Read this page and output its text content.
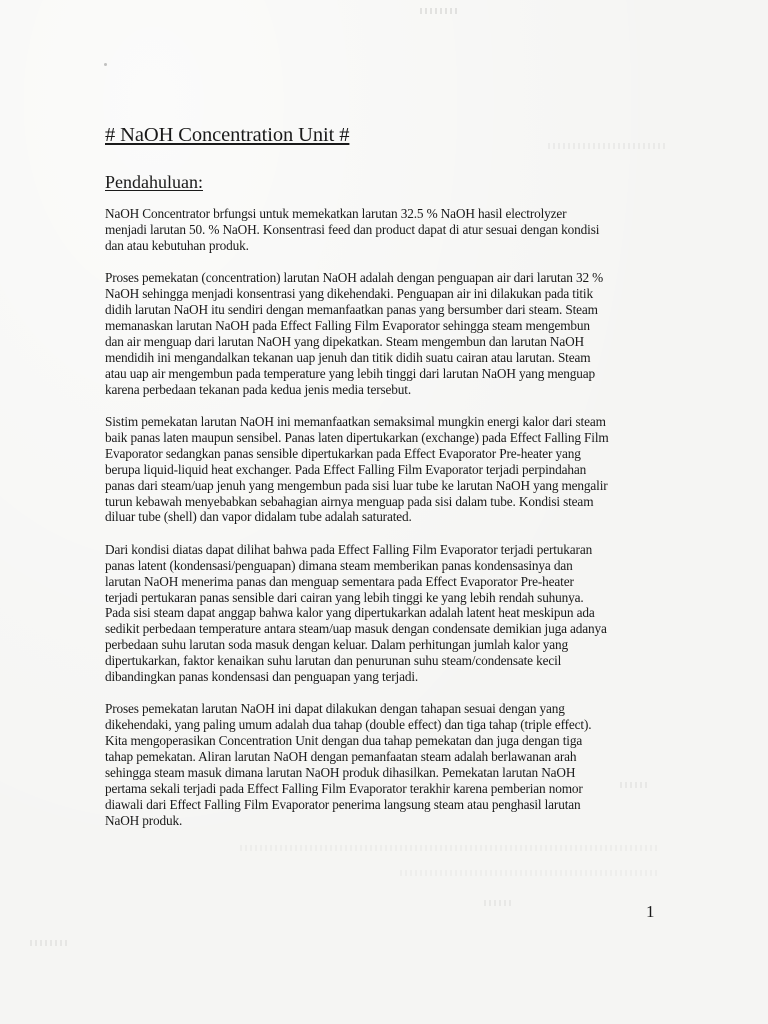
# NaOH Concentration Unit #
Pendahuluan:
NaOH Concentrator brfungsi untuk memekatkan larutan 32.5 % NaOH hasil electrolyzer
menjadi larutan 50. % NaOH. Konsentrasi feed dan product dapat di atur sesuai dengan kondisi
dan atau kebutuhan produk.
Proses pemekatan (concentration) larutan NaOH adalah dengan penguapan air dari larutan 32 %
NaOH sehingga menjadi konsentrasi yang dikehendaki. Penguapan air ini dilakukan pada titik
didih larutan NaOH itu sendiri dengan memanfaatkan panas yang bersumber dari steam. Steam
memanaskan larutan NaOH pada Effect Falling Film Evaporator sehingga steam mengembun
dan air menguap dari larutan NaOH yang dipekatkan. Steam mengembun dan larutan NaOH
mendidih ini mengandalkan tekanan uap jenuh dan titik didih suatu cairan atau larutan. Steam
atau uap air mengembun pada temperature yang lebih tinggi dari larutan NaOH yang menguap
karena perbedaan tekanan pada kedua jenis media tersebut.
Sistim pemekatan larutan NaOH ini memanfaatkan semaksimal mungkin energi kalor dari steam
baik panas laten maupun sensibel. Panas laten dipertukarkan (exchange) pada Effect Falling Film
Evaporator sedangkan panas sensible dipertukarkan pada Effect Evaporator Pre-heater yang
berupa liquid-liquid heat exchanger. Pada Effect Falling Film Evaporator terjadi perpindahan
panas dari steam/uap jenuh yang mengembun pada sisi luar tube ke larutan NaOH yang mengalir
turun kebawah menyebabkan sebahagian airnya menguap pada sisi dalam tube. Kondisi steam
diluar tube (shell) dan vapor didalam tube adalah saturated.
Dari kondisi diatas dapat dilihat bahwa pada Effect Falling Film Evaporator terjadi pertukaran
panas latent (kondensasi/penguapan) dimana steam memberikan panas kondensasinya dan
larutan NaOH menerima panas dan menguap sementara pada Effect Evaporator Pre-heater
terjadi pertukaran panas sensible dari cairan yang lebih tinggi ke yang lebih rendah suhunya.
Pada sisi steam dapat anggap bahwa kalor yang dipertukarkan adalah latent heat meskipun ada
sedikit perbedaan temperature antara steam/uap masuk dengan condensate demikian juga adanya
perbedaan suhu larutan soda masuk dengan keluar. Dalam perhitungan jumlah kalor yang
dipertukarkan, faktor kenaikan suhu larutan dan penurunan suhu steam/condensate kecil
dibandingkan panas kondensasi dan penguapan yang terjadi.
Proses pemekatan larutan NaOH ini dapat dilakukan dengan tahapan sesuai dengan yang
dikehendaki, yang paling umum adalah dua tahap (double effect) dan tiga tahap (triple effect).
Kita mengoperasikan Concentration Unit dengan dua tahap pemekatan dan juga dengan tiga
tahap pemekatan. Aliran larutan NaOH dengan pemanfaatan steam adalah berlawanan arah
sehingga steam masuk dimana larutan NaOH produk dihasilkan. Pemekatan larutan NaOH
pertama sekali terjadi pada Effect Falling Film Evaporator terakhir karena pemberian nomor
diawali dari Effect Falling Film Evaporator penerima langsung steam atau penghasil larutan
NaOH produk.
1
